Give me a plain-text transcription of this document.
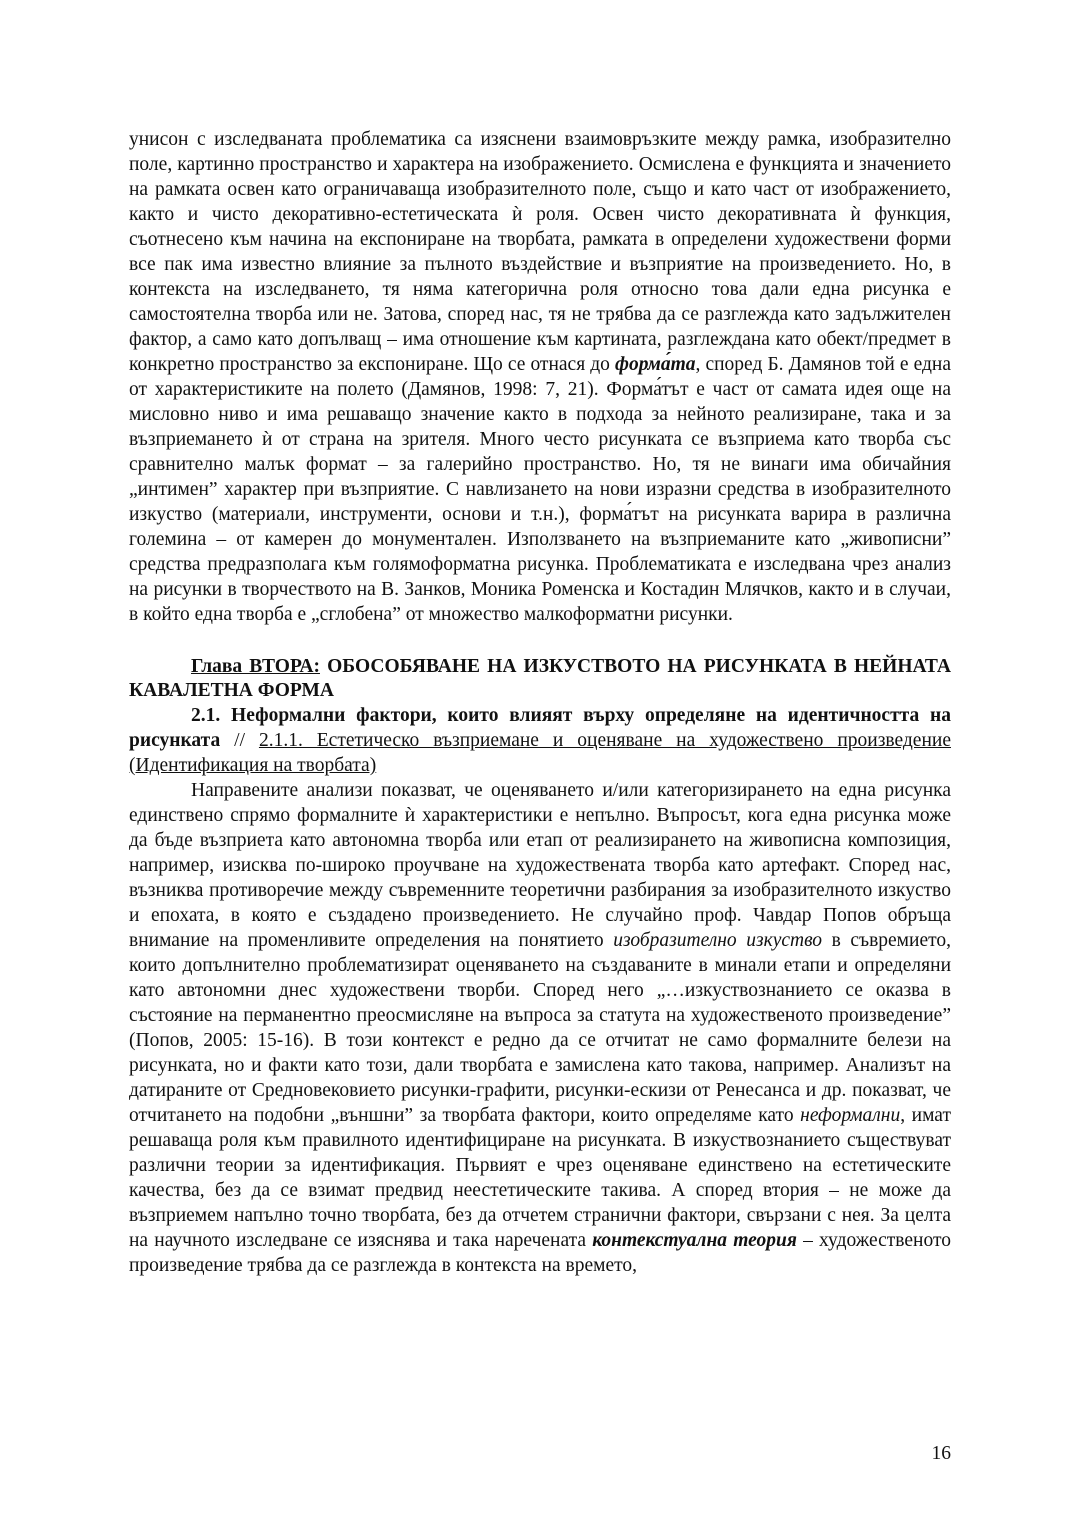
унисон с изследваната проблематика са изяснени взаимовръзките между рамка, изобразително поле, картинно пространство и характера на изображението. Осмислена е функцията и значението на рамката освен като ограничаваща изобразителното поле, също и като част от изображението, както и чисто декоративно-естетическата ѝ роля. Освен чисто декоративната ѝ функция, съотнесено към начина на експониране на творбата, рамката в определени художествени форми все пак има известно влияние за пълното въздействие и възприятие на произведението. Но, в контекста на изследването, тя няма категорична роля относно това дали една рисунка е самостоятелна творба или не. Затова, според нас, тя не трябва да се разглежда като задължителен фактор, а само като допълващ – има отношение към картината, разглеждана като обект/предмет в конкретно пространство за експониране. Що се отнася до форма́та, според Б. Дамянов той е една от характеристиките на полето (Дамянов, 1998: 7, 21). Форма́тът е част от самата идея още на мисловно ниво и има решаващо значение както в подхода за нейното реализиране, така и за възприемането ѝ от страна на зрителя. Много често рисунката се възприема като творба със сравнително малък формат – за галерийно пространство. Но, тя не винаги има обичайния „интимен” характер при възприятие. С навлизането на нови изразни средства в изобразителното изкуство (материали, инструменти, основи и т.н.), форма́тът на рисунката варира в различна големина – от камерен до монументален. Използването на възприеманите като „живописни” средства предразполага към голямоформатна рисунка. Проблематиката е изследвана чрез анализ на рисунки в творчеството на В. Занков, Моника Роменска и Костадин Млячков, както и в случаи, в който една творба е „сглобена” от множество малкоформатни рисунки.

Глава ВТОРА: ОБОСОБЯВАНЕ НА ИЗКУСТВОТО НА РИСУНКАТА В НЕЙНАТА КАВАЛЕТНА ФОРМА

2.1. Неформални фактори, които влияят върху определяне на идентичността на рисунката // 2.1.1. Естетическо възприемане и оценяване на художествено произведение (Идентификация на творбата)

Направените анализи показват, че оценяването и/или категоризирането на една рисунка единствено спрямо формалните ѝ характеристики е непълно. Въпросът, кога една рисунка може да бъде възприета като автономна творба или етап от реализирането на живописна композиция, например, изисква по-широко проучване на художествената творба като артефакт. Според нас, възниква противоречие между съвременните теоретични разбирания за изобразителното изкуство и епохата, в която е създадено произведението. Не случайно проф. Чавдар Попов обръща внимание на променливите определения на понятието изобразително изкуство в съвремието, които допълнително проблематизират оценяването на създаваните в минали етапи и определяни като автономни днес художествени творби. Според него „…изкуствознанието се оказва в състояние на перманентно преосмисляне на въпроса за статута на художественото произведение” (Попов, 2005: 15-16). В този контекст е редно да се отчитат не само формалните белези на рисунката, но и факти като този, дали творбата е замислена като такова, например. Анализът на датираните от Средновековието рисунки-графити, рисунки-ескизи от Ренесанса и др. показват, че отчитането на подобни „външни” за творбата фактори, които определяме като неформални, имат решаваща роля към правилното идентифициране на рисунката. В изкуствознанието съществуват различни теории за идентификация. Първият е чрез оценяване единствено на естетическите качества, без да се взимат предвид неестетическите такива. А според втория – не може да възприемем напълно точно творбата, без да отчетем странични фактори, свързани с нея. За целта на научното изследване се изяснява и така наречената контекстуална теория – художественото произведение трябва да се разглежда в контекста на времето,

16
